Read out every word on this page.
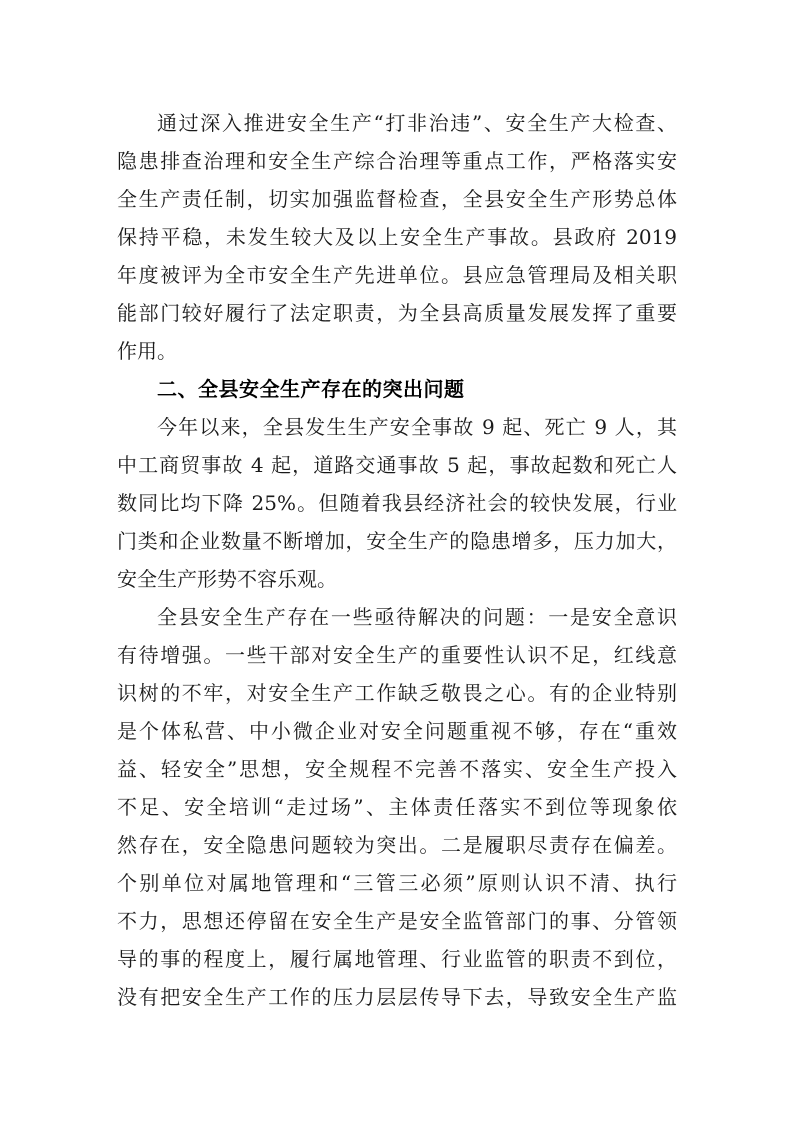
通过深入推进安全生产“打非治违”、安全生产大检查、
隐患排查治理和安全生产综合治理等重点工作，严格落实安
全生产责任制，切实加强监督检查，全县安全生产形势总体
保持平稳，未发生较大及以上安全生产事故。县政府 2019
年度被评为全市安全生产先进单位。县应急管理局及相关职
能部门较好履行了法定职责，为全县高质量发展发挥了重要
作用。
二、全县安全生产存在的突出问题
今年以来，全县发生生产安全事故 9 起、死亡 9 人，其
中工商贸事故 4 起，道路交通事故 5 起，事故起数和死亡人
数同比均下降 25%。但随着我县经济社会的较快发展，行业
门类和企业数量不断增加，安全生产的隐患增多，压力加大，
安全生产形势不容乐观。
全县安全生产存在一些亟待解决的问题：一是安全意识
有待增强。一些干部对安全生产的重要性认识不足，红线意
识树的不牢，对安全生产工作缺乏敬畏之心。有的企业特别
是个体私营、中小微企业对安全问题重视不够，存在“重效
益、轻安全”思想，安全规程不完善不落实、安全生产投入
不足、安全培训“走过场”、主体责任落实不到位等现象依
然存在，安全隐患问题较为突出。二是履职尽责存在偏差。
个别单位对属地管理和“三管三必须”原则认识不清、执行
不力，思想还停留在安全生产是安全监管部门的事、分管领
导的事的程度上，履行属地管理、行业监管的职责不到位，
没有把安全生产工作的压力层层传导下去，导致安全生产监
